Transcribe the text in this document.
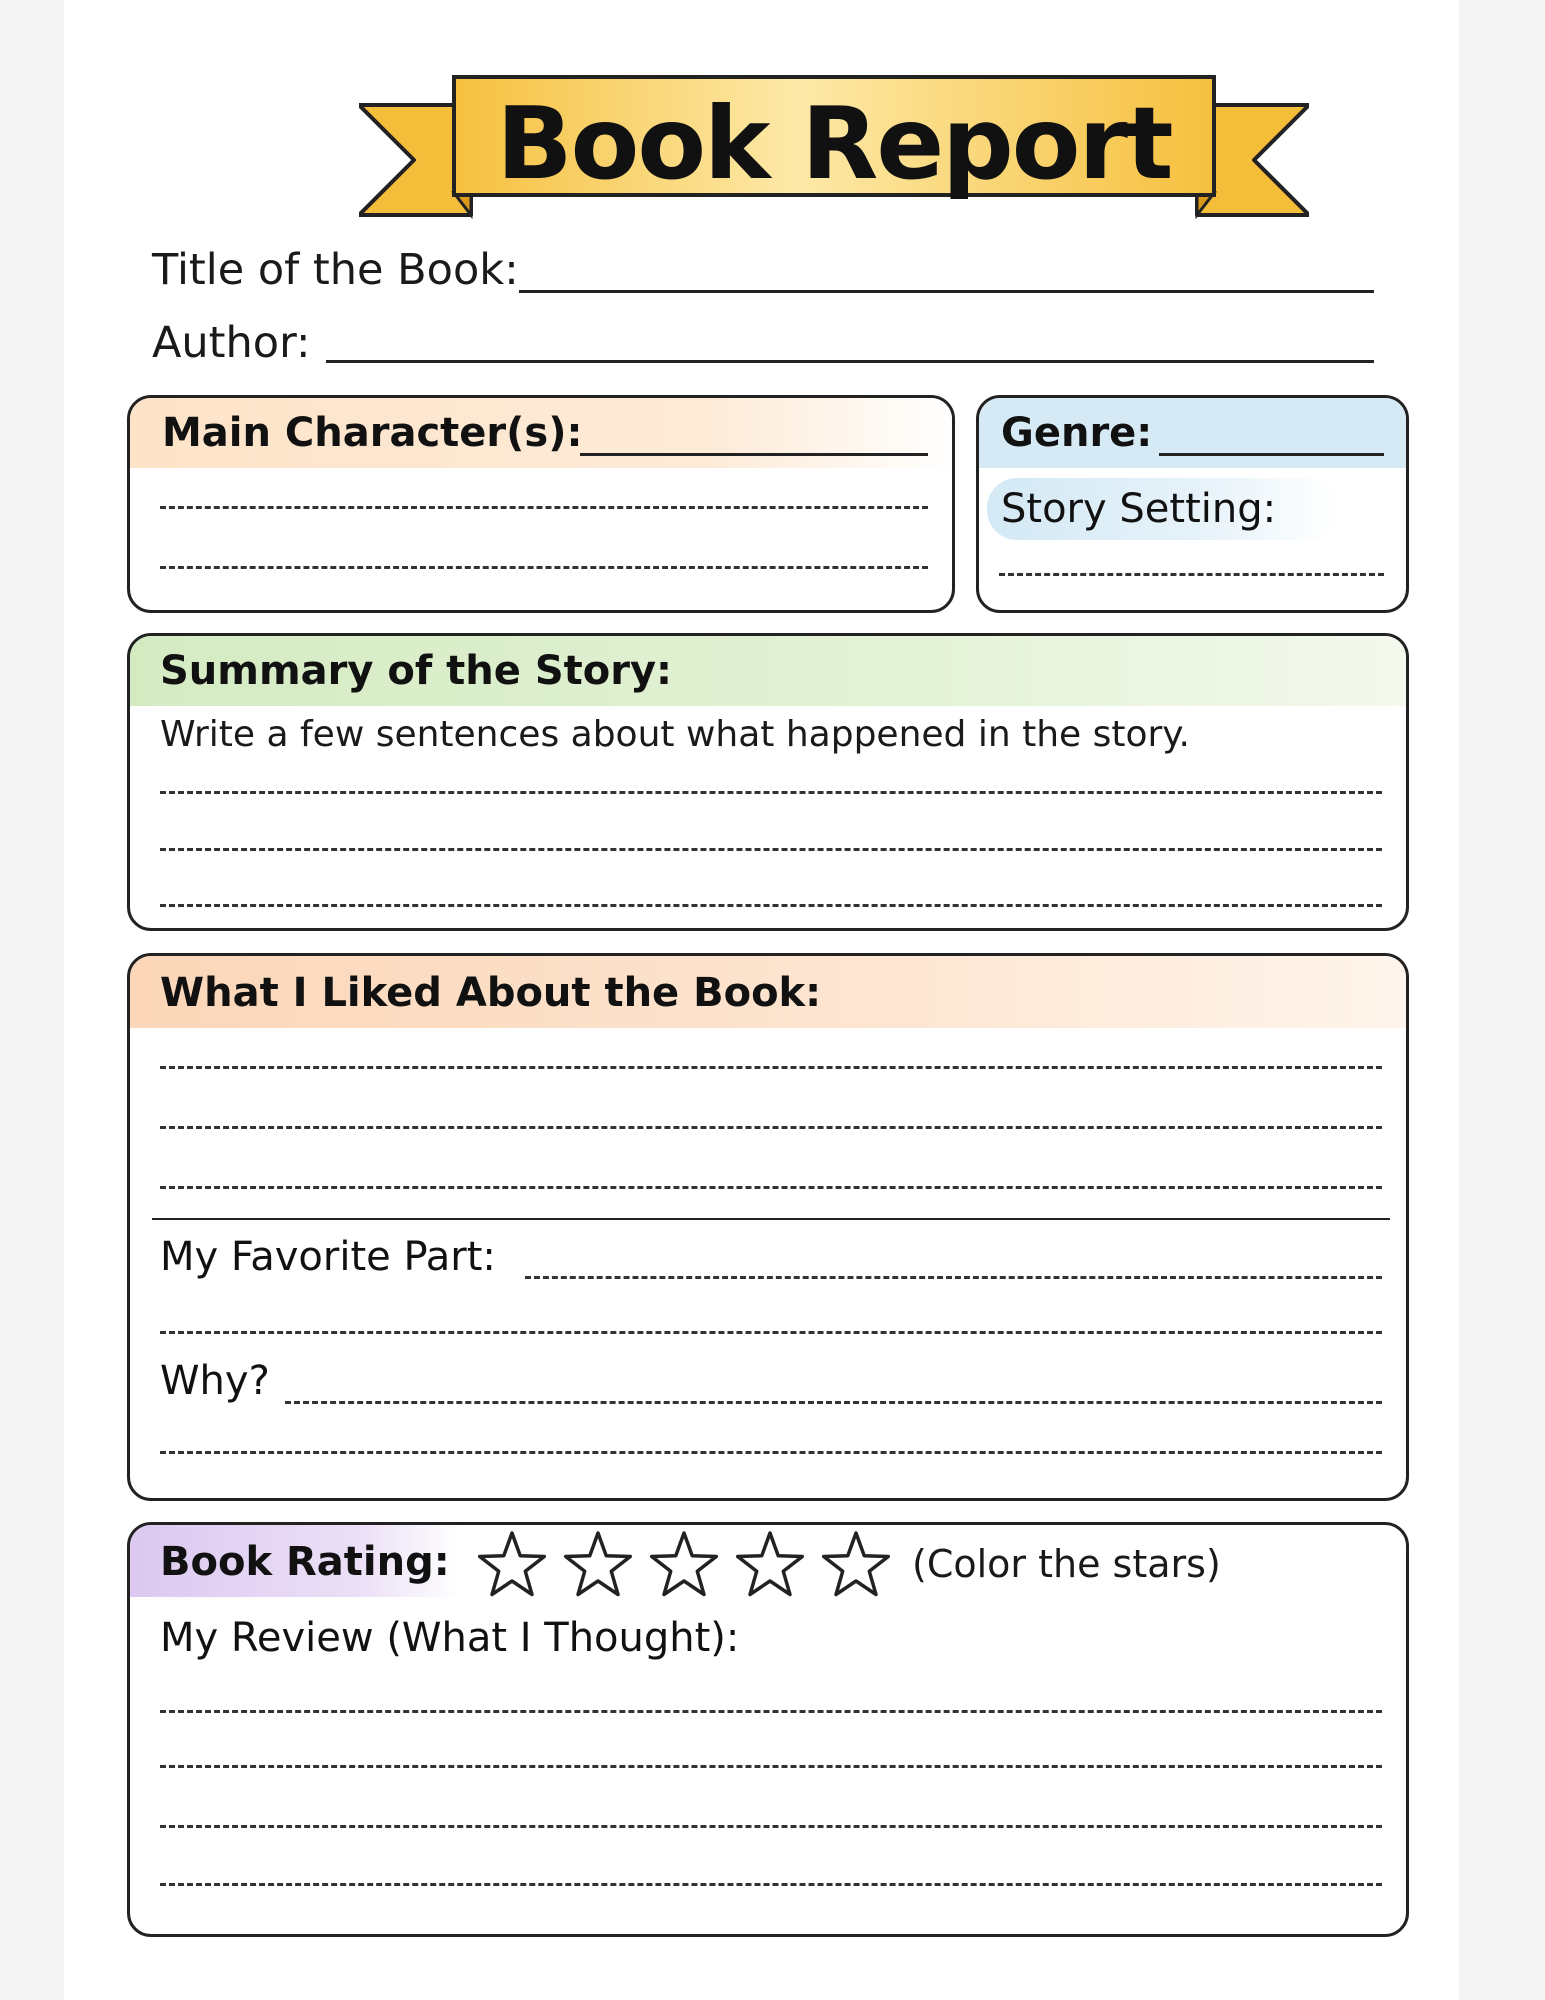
Book Report
Title of the Book:
Author:
Main Character(s):	Genre:
Story Setting:
Summary of the Story:
Write a few sentences about what happened in the story.
What I Liked About the Book:
My Favorite Part:
Why?
Book Rating:	(Color the stars)
My Review (What I Thought):
